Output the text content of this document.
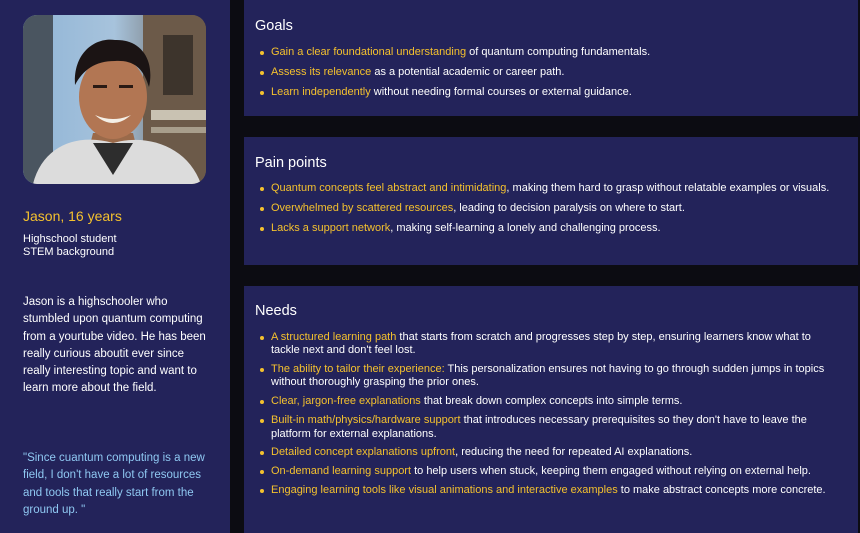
Jason, 16 years
Highschool student
STEM background
Jason is a highschooler who stumbled upon quantum computing from a yourtube video. He has been really curious aboutit ever since really interesting topic and want to learn more about the field.
"Since cuantum computing is a new field, I don't have a lot of resources and tools that really start from the ground up. "
Goals
Gain a clear foundational understanding of quantum computing fundamentals.
Assess its relevance as a potential academic or career path.
Learn independently without needing formal courses or external guidance.
Pain points
Quantum concepts feel abstract and intimidating, making them hard to grasp without relatable examples or visuals.
Overwhelmed by scattered resources, leading to decision paralysis on where to start.
Lacks a support network, making self-learning a lonely and challenging process.
Needs
A structured learning path that starts from scratch and progresses step by step, ensuring learners know what to tackle next and don't feel lost.
The ability to tailor their experience: This personalization ensures not having to go through sudden jumps in topics without thoroughly grasping the prior ones.
Clear, jargon-free explanations that break down complex concepts into simple terms.
Built-in math/physics/hardware support that introduces necessary prerequisites so they don't have to leave the platform for external explanations.
Detailed concept explanations upfront, reducing the need for repeated AI explanations.
On-demand learning support to help users when stuck, keeping them engaged without relying on external help.
Engaging learning tools like visual animations and interactive examples to make abstract concepts more concrete.
